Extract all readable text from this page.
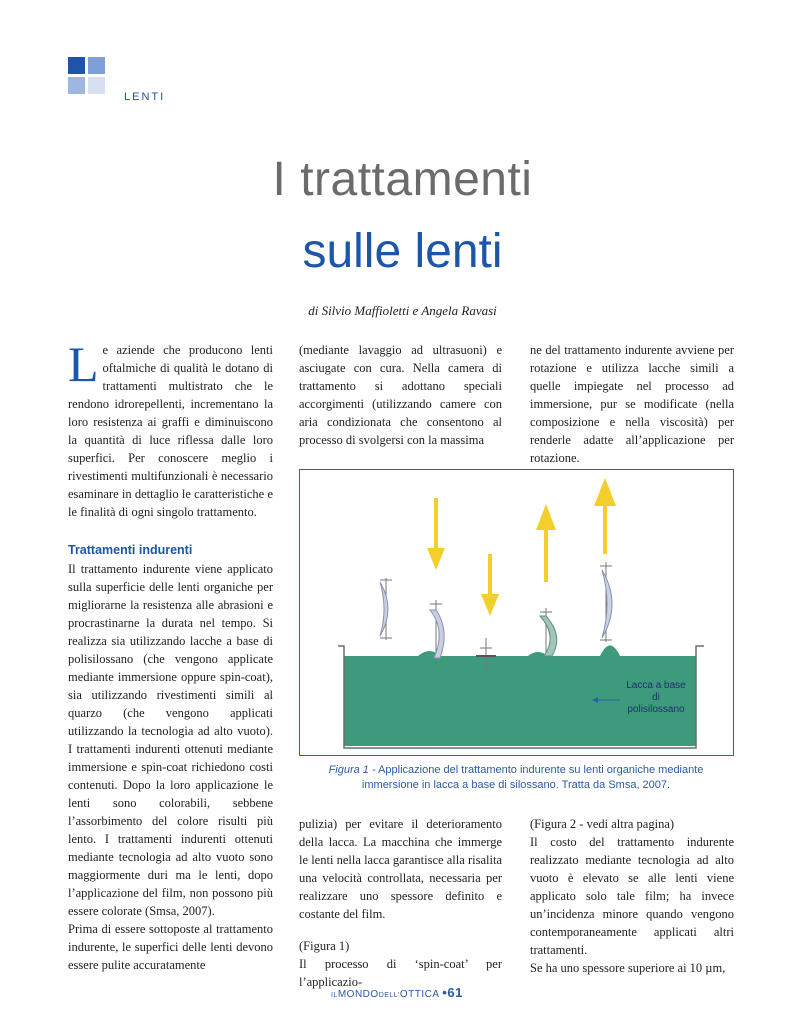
LENTI
I trattamenti
sulle lenti
di Silvio Maffioletti e Angela Ravasi
L e aziende che producono lenti oftalmiche di qualità le dotano di trattamenti multistrato che le rendono idrorepellenti, incrementano la loro resistenza ai graffi e diminuiscono la quantità di luce riflessa dalle loro superfici. Per conoscere meglio i rivestimenti multifunzionali è necessario esaminare in dettaglio le caratteristiche e le finalità di ogni singolo trattamento.

Trattamenti indurenti

Il trattamento indurente viene applicato sulla superficie delle lenti organiche per migliorarne la resistenza alle abrasioni e procrastinarne la durata nel tempo. Si realizza sia utilizzando lacche a base di polisilossano (che vengono applicate mediante immersione oppure spin-coat), sia utilizzando rivestimenti simili al quarzo (che vengono applicati utilizzando la tecnologia ad alto vuoto). I trattamenti indurenti ottenuti mediante immersione e spin-coat richiedono costi contenuti. Dopo la loro applicazione le lenti sono colorabili, sebbene l’assorbimento del colore risulti più lento. I trattamenti indurenti ottenuti mediante tecnologia ad alto vuoto sono maggiormente duri ma le lenti, dopo l’applicazione del film, non possono più essere colorate (Smsa, 2007).

Prima di essere sottoposte al trattamento indurente, le superfici delle lenti devono essere pulite accuratamente

(mediante lavaggio ad ultrasuoni) e asciugate con cura. Nella camera di trattamento si adottano speciali accorgimenti (utilizzando camere con aria condizionata che consentono al processo di svolgersi con la massima

ne del trattamento indurente avviene per rotazione e utilizza lacche simili a quelle impiegate nel processo ad immersione, pur se modificate (nella composizione e nella viscosità) per renderle adatte all’applicazione per rotazione.

Lacca a base
di
polisilossano
Figura 1 - Applicazione del trattamento indurente su lenti organiche mediante immersione in lacca a base di silossano. Tratta da Smsa, 2007.

pulizia) per evitare il deterioramento della lacca. La macchina che immerge le lenti nella lacca garantisce alla risalita una velocità controllata, necessaria per realizzare uno spessore definito e costante del film.

(Figura 1)

Il processo di ‘spin-coat’ per l’applicazio-

(Figura 2 - vedi altra pagina)

Il costo del trattamento indurente realizzato mediante tecnologia ad alto vuoto è elevato se alle lenti viene applicato solo tale film; ha invece un’incidenza minore quando vengono contemporaneamente applicati altri trattamenti.

Se ha uno spessore superiore ai 10 µm,

ILMONDODELL’OTTICA •61
